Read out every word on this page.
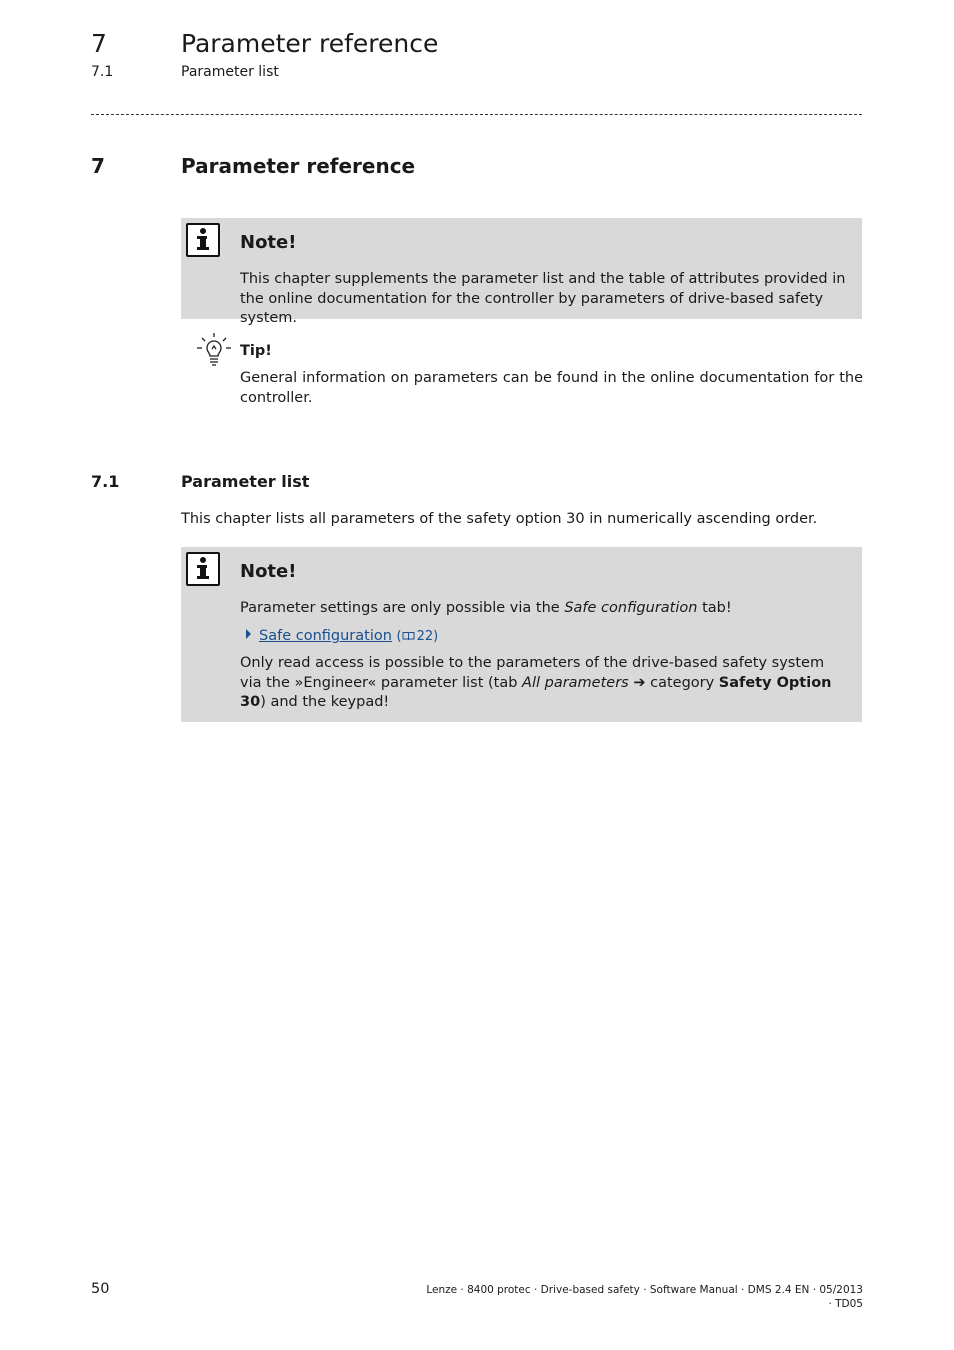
7	Parameter reference
7.1	Parameter list
7	Parameter reference
Note!
This chapter supplements the parameter list and the table of attributes provided in the online documentation for the controller by parameters of drive-based safety system.
Tip!
General information on parameters can be found in the online documentation for the controller.
7.1	Parameter list
This chapter lists all parameters of the safety option 30 in numerically ascending order.
Note!
Parameter settings are only possible via the Safe configuration tab!
Safe configuration ( 22)
Only read access is possible to the parameters of the drive-based safety system via the »Engineer« parameter list (tab All parameters ➔ category Safety Option 30) and the keypad!
50	Lenze · 8400 protec · Drive-based safety · Software Manual · DMS 2.4 EN · 05/2013 · TD05
